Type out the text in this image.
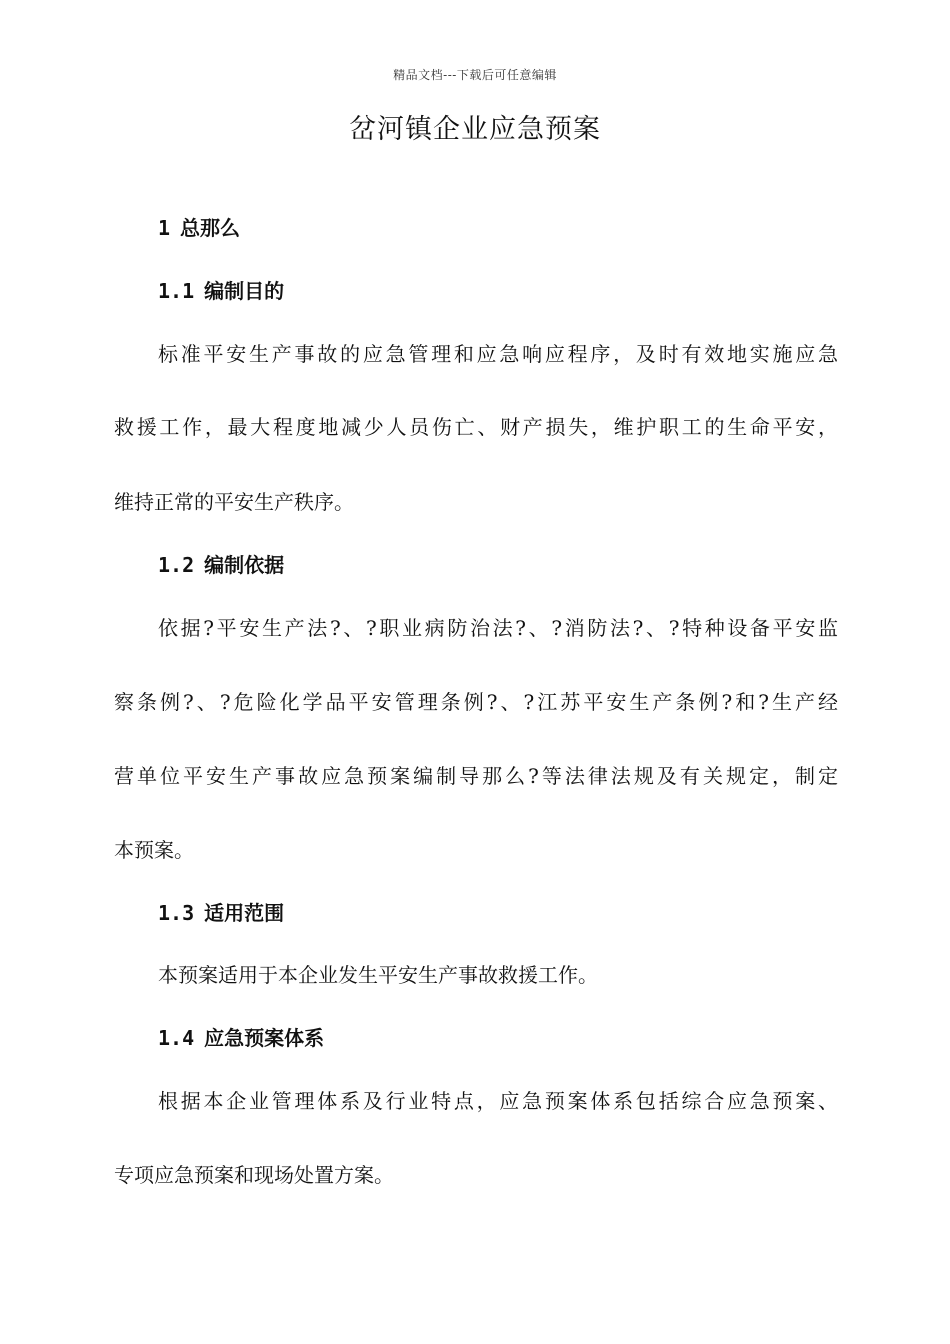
精品文档---下载后可任意编辑
岔河镇企业应急预案
1 总那么
1.1 编制目的

标准平安生产事故的应急管理和应急响应程序，及时有效地实施应急

救援工作，最大程度地减少人员伤亡、财产损失，维护职工的生命平安，

维持正常的平安生产秩序。

1.2 编制依据

依据?平安生产法?、?职业病防治法?、?消防法?、?特种设备平安监

察条例?、?危险化学品平安管理条例?、?江苏平安生产条例?和?生产经

营单位平安生产事故应急预案编制导那么?等法律法规及有关规定，制定

本预案。

1.3 适用范围

本预案适用于本企业发生平安生产事故救援工作。

1.4 应急预案体系

根据本企业管理体系及行业特点，应急预案体系包括综合应急预案、

专项应急预案和现场处置方案。
